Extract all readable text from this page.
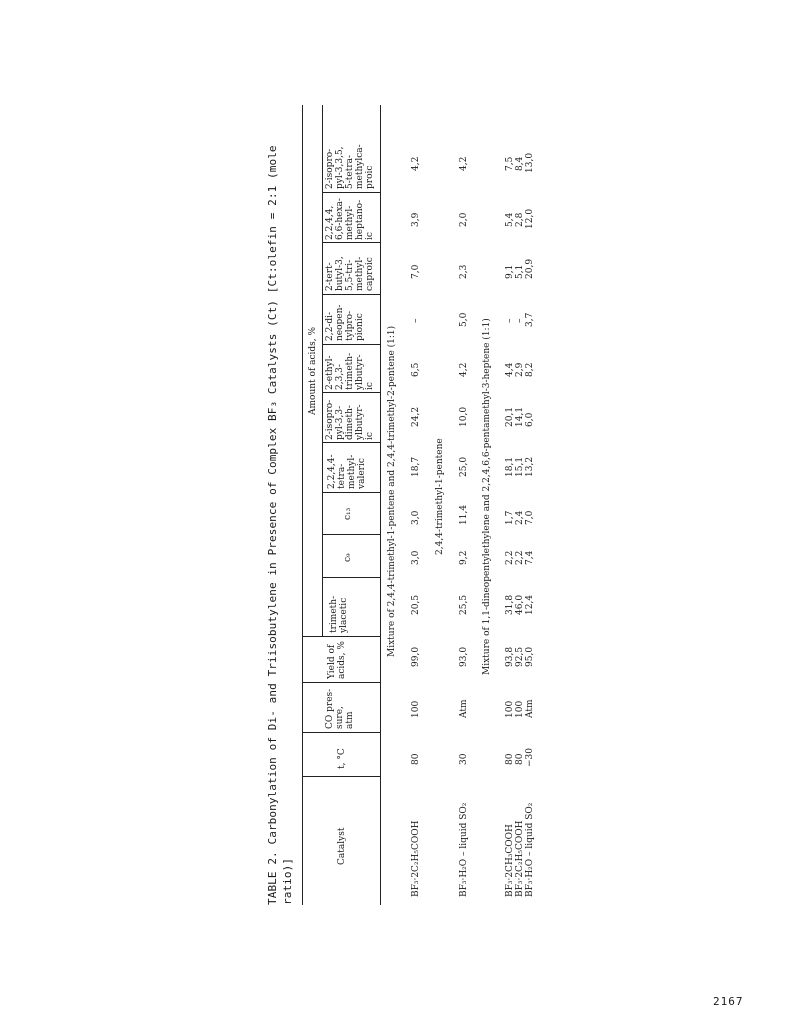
TABLE 2. Carbonylation of Di- and Triisobutylene in Presence of Complex BF₃ Catalysts (Ct) [Ct:olefin = 2:1 (mole ratio)]
Catalyst
t, °C
CO pres-
sure,
atm
Yield of
acids, %
Amount of acids, %
trimeth-
ylacetic
c₉
c₁₃
2,2,4,4-
tetra-
methyl-
valeric
2-isopro-
pyl-3,3-
dimeth-
ylbutyr-
ic
2-ethyl-
2,3,3-
trimeth-
ylbutyr-
ic
2,2-di-
neopen-
tylpro-
pionic
2-tert-
butyl-3,
5,5-tri-
methyl-
caproic
2,2,4,4,
6,6-hexa-
methyl-
heptano-
ic
2-isopro-
pyl-3,3,5,
5-tetra-
methylca-
proic
Mixture of 2,4,4-trimethyl-1-pentene and 2,4,4-trimethyl-2-pentene (1:1)
BF₃·2C₂H₅COOH
80
100
99,0
20,5
3,0
3,0
18,7
24,2
6,5
–
7,0
3,9
4,2
2,4,4-trimethyl-1-pentene
BF₃·H₂O – liquid SO₂
30
Atm
93,0
25,5
9,2
11,4
25,0
10,0
4,2
5,0
2,3
2,0
4,2
Mixture of 1,1-dineopentylethylene and 2,2,4,6,6-pentamethyl-3-heptene (1:1)
BF₃·2CH₃COOH
80
100
93,8
31,8
2,2
1,7
18,1
20,1
4,4
–
9,1
5,4
7,5
BF₃·2C₂H₅COOH
80
100
92,5
46,0
2,2
2,4
15,1
14,1
2,9
–
5,1
2,8
8,4
BF₃·H₂O – liquid SO₂
−30
Atm
95,0
12,4
7,4
7,0
13,2
6,0
8,2
3,7
20,9
12,0
13,0
2167
